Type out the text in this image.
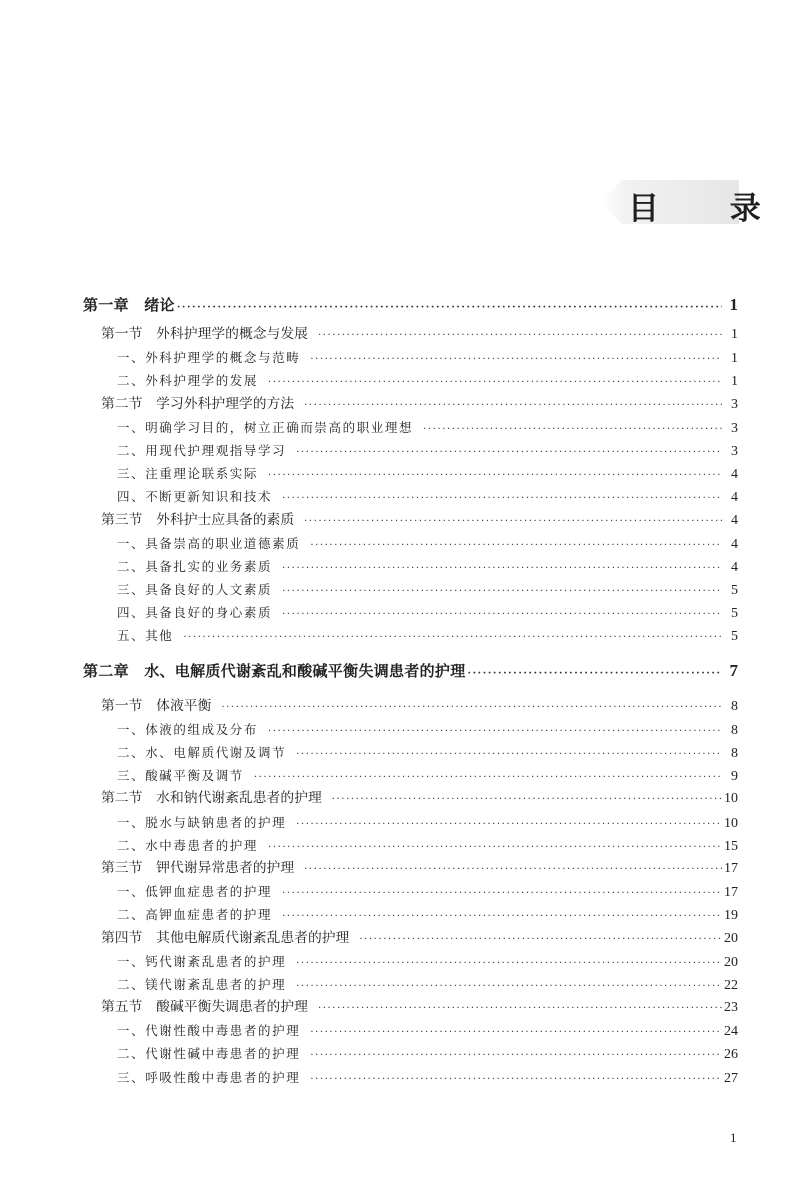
目 录
第一章　绪论 ·····	1
第一节　外科护理学的概念与发展 ·····	1
一、外科护理学的概念与范畴 ·····	1
二、外科护理学的发展 ·····	1
第二节　学习外科护理学的方法 ·····	3
一、明确学习目的，树立正确而崇高的职业理想 ·····	3
二、用现代护理观指导学习 ·····	3
三、注重理论联系实际 ·····	4
四、不断更新知识和技术 ·····	4
第三节　外科护士应具备的素质 ·····	4
一、具备崇高的职业道德素质 ·····	4
二、具备扎实的业务素质 ·····	4
三、具备良好的人文素质 ·····	5
四、具备良好的身心素质 ·····	5
五、其他 ·····	5
第二章　水、电解质代谢紊乱和酸碱平衡失调患者的护理 ·····	7
第一节　体液平衡 ·····	8
一、体液的组成及分布 ·····	8
二、水、电解质代谢及调节 ·····	8
三、酸碱平衡及调节 ·····	9
第二节　水和钠代谢紊乱患者的护理 ·····	10
一、脱水与缺钠患者的护理 ·····	10
二、水中毒患者的护理 ·····	15
第三节　钾代谢异常患者的护理 ·····	17
一、低钾血症患者的护理 ·····	17
二、高钾血症患者的护理 ·····	19
第四节　其他电解质代谢紊乱患者的护理 ·····	20
一、钙代谢紊乱患者的护理 ·····	20
二、镁代谢紊乱患者的护理 ·····	22
第五节　酸碱平衡失调患者的护理 ·····	23
一、代谢性酸中毒患者的护理 ·····	24
二、代谢性碱中毒患者的护理 ·····	26
三、呼吸性酸中毒患者的护理 ·····	27
1
